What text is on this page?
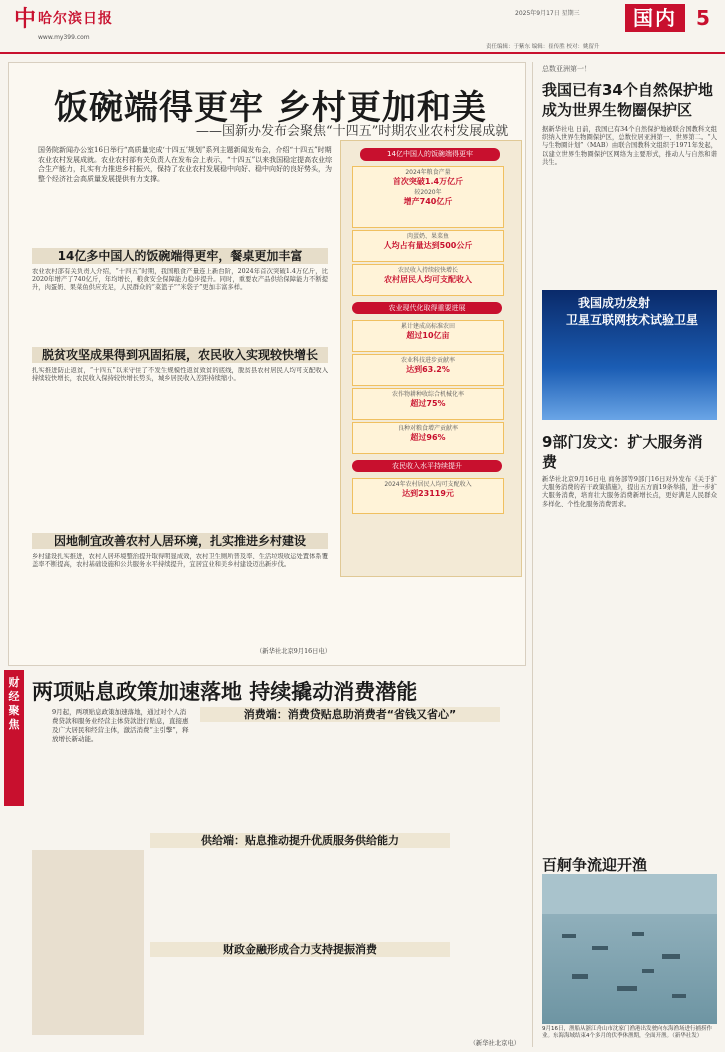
中 哈尔滨日报
www.my399.com
2025年9月17日 星期三
责任编辑：于紫东 编辑：崔传胜 校对：姚留升
国内 5
饭碗端得更牢 乡村更加和美
——国新办发布会聚焦“十四五”时期农业农村发展成就
国务院新闻办公室16日举行“高质量完成‘十四五’规划”系列主题新闻发布会，介绍“十四五”时期农业农村发展成就。农业农村部有关负责人在发布会上表示，“十四五”以来我国稳定提高农业综合生产能力，扎实有力推进乡村振兴，保持了农业农村发展稳中向好、稳中向好的良好势头，为整个经济社会高质量发展提供有力支撑。
14亿多中国人的饭碗端得更牢，餐桌更加丰富
农业农村部有关负责人介绍，“十四五”时期，我国粮食产量连上新台阶，2024年首次突破1.4万亿斤，比2020年增产了740亿斤，年均增长，粮食安全保障能力稳步提升。同时，重要农产品供给保障能力不断提升，肉蛋奶、果菜鱼供应充足，人民群众的“菜篮子”“米袋子”更加丰富多样。
脱贫攻坚成果得到巩固拓展，农民收入实现较快增长
扎实推进防止返贫，“十四五”以来守住了不发生规模性返贫致贫的底线，脱贫县农村居民人均可支配收入持续较快增长，农民收入保持较快增长势头，城乡居民收入差距持续缩小。
因地制宜改善农村人居环境，扎实推进乡村建设
乡村建设扎实推进，农村人居环境整治提升取得明显成效，农村卫生厕所普及率、生活垃圾收运处置体系覆盖率不断提高，农村基础设施和公共服务水平持续提升，宜居宜业和美乡村建设迈出新步伐。
（新华社北京9月16日电）
14亿中国人的饭碗端得更牢
2024年粮食产量
首次突破1.4万亿斤
较2020年
增产740亿斤
肉蛋奶、果菜鱼
人均占有量达到500公斤
农民收入持续较快增长
农村居民人均可支配收入
农业现代化取得重要进展
累计建成高标准农田
超过10亿亩
农业科技进步贡献率
达到63.2%
农作物耕种收综合机械化率
超过75%
良种对粮食增产贡献率
超过96%
农民收入水平持续提升
2024年农村居民人均可支配收入
达到23119元
财经聚焦
两项贴息政策加速落地 持续撬动消费潜能
9月起，两项贴息政策加速落地，通过对个人消费贷款和服务业经营主体贷款进行贴息，直接惠及广大居民和经营主体，激活消费“主引擎”，释放增长新动能。
消费端：消费贷贴息助消费者“省钱又省心”
供给端：贴息推动提升优质服务供给能力
财政金融形成合力支持提振消费
（新华社北京电）
总数亚洲第一！
我国已有34个自然保护地成为世界生物圈保护区
据新华社电 日前，我国已有34个自然保护地被联合国教科文组织纳入世界生物圈保护区，总数位居亚洲第一、世界第二。“人与生物圈计划”（MAB）由联合国教科文组织于1971年发起，以建立世界生物圈保护区网络为主要形式，推动人与自然和谐共生。
我国成功发射
卫星互联网技术试验卫星
9部门发文：扩大服务消费
新华社北京9月16日电 商务部等9部门16日对外发布《关于扩大服务消费的若干政策措施》，提出五方面19条举措，进一步扩大服务消费，培育壮大服务消费新增长点，更好满足人民群众多样化、个性化服务消费需求。
百舸争流迎开渔
9月16日，渔船从浙江舟山市沈家门渔港出发驶向东海渔场进行捕捞作业。东海海域结束4个多月的伏季休渔期，全面开渔。（新华社发）
